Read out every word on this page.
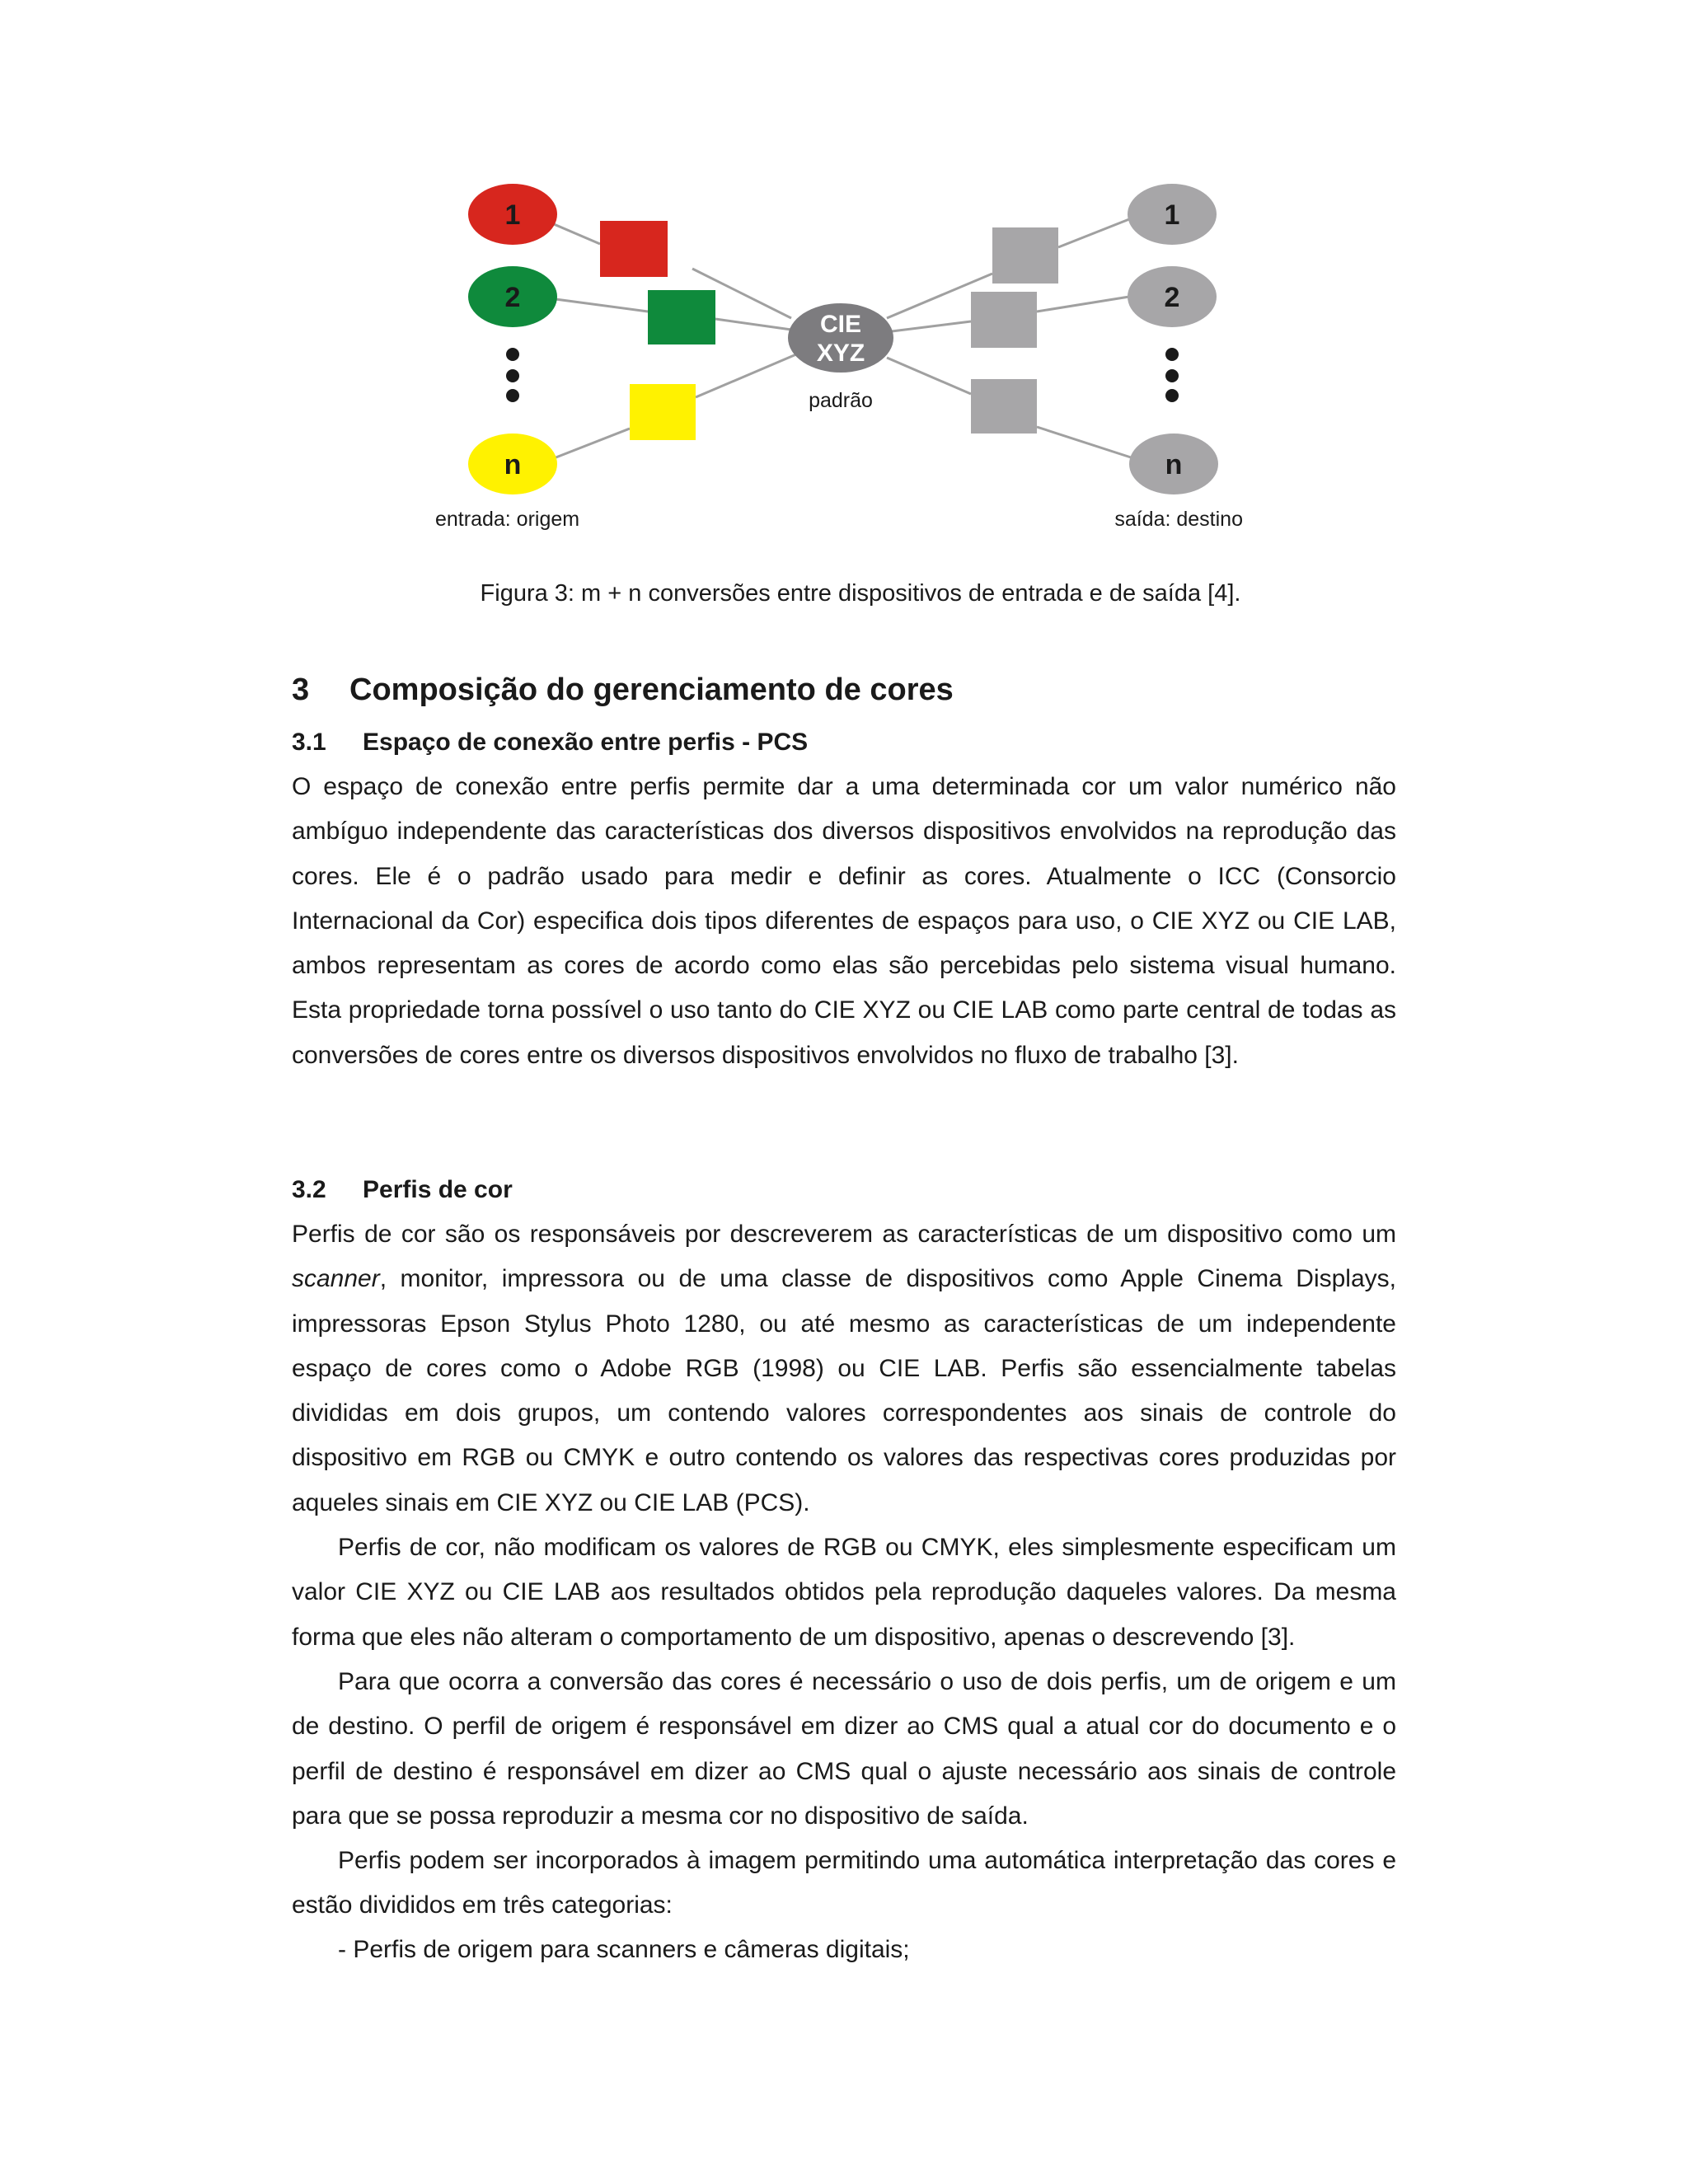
1
2
n
CIE
XYZ
padrão
1
2
n
entrada: origem	saída: destino
Figura 3: m + n conversões entre dispositivos de entrada e de saída [4].
3 Composição do gerenciamento de cores
3.1 Espaço de conexão entre perfis - PCS

O espaço de conexão entre perfis permite dar a uma determinada cor um valor numérico não ambíguo independente das características dos diversos dispositivos envolvidos na reprodução das cores. Ele é o padrão usado para medir e definir as cores. Atualmente o ICC (Consorcio Internacional da Cor) especifica dois tipos diferentes de espaços para uso, o CIE XYZ ou CIE LAB, ambos representam as cores de acordo como elas são percebidas pelo sistema visual humano. Esta propriedade torna possível o uso tanto do CIE XYZ ou CIE LAB como parte central de todas as conversões de cores entre os diversos dispositivos envolvidos no fluxo de trabalho [3].

3.2 Perfis de cor

Perfis de cor são os responsáveis por descreverem as características de um dispositivo como um scanner, monitor, impressora ou de uma classe de dispositivos como Apple Cinema Displays, impressoras Epson Stylus Photo 1280, ou até mesmo as características de um independente espaço de cores como o Adobe RGB (1998) ou CIE LAB. Perfis são essencialmente tabelas divididas em dois grupos, um contendo valores correspondentes aos sinais de controle do dispositivo em RGB ou CMYK e outro contendo os valores das respectivas cores produzidas por aqueles sinais em CIE XYZ ou CIE LAB (PCS).

Perfis de cor, não modificam os valores de RGB ou CMYK, eles simplesmente especificam um valor CIE XYZ ou CIE LAB aos resultados obtidos pela reprodução daqueles valores. Da mesma forma que eles não alteram o comportamento de um dispositivo, apenas o descrevendo [3].

Para que ocorra a conversão das cores é necessário o uso de dois perfis, um de origem e um de destino. O perfil de origem é responsável em dizer ao CMS qual a atual cor do documento e o perfil de destino é responsável em dizer ao CMS qual o ajuste necessário aos sinais de controle para que se possa reproduzir a mesma cor no dispositivo de saída.

Perfis podem ser incorporados à imagem permitindo uma automática interpretação das cores e estão divididos em três categorias:

- Perfis de origem para scanners e câmeras digitais;
